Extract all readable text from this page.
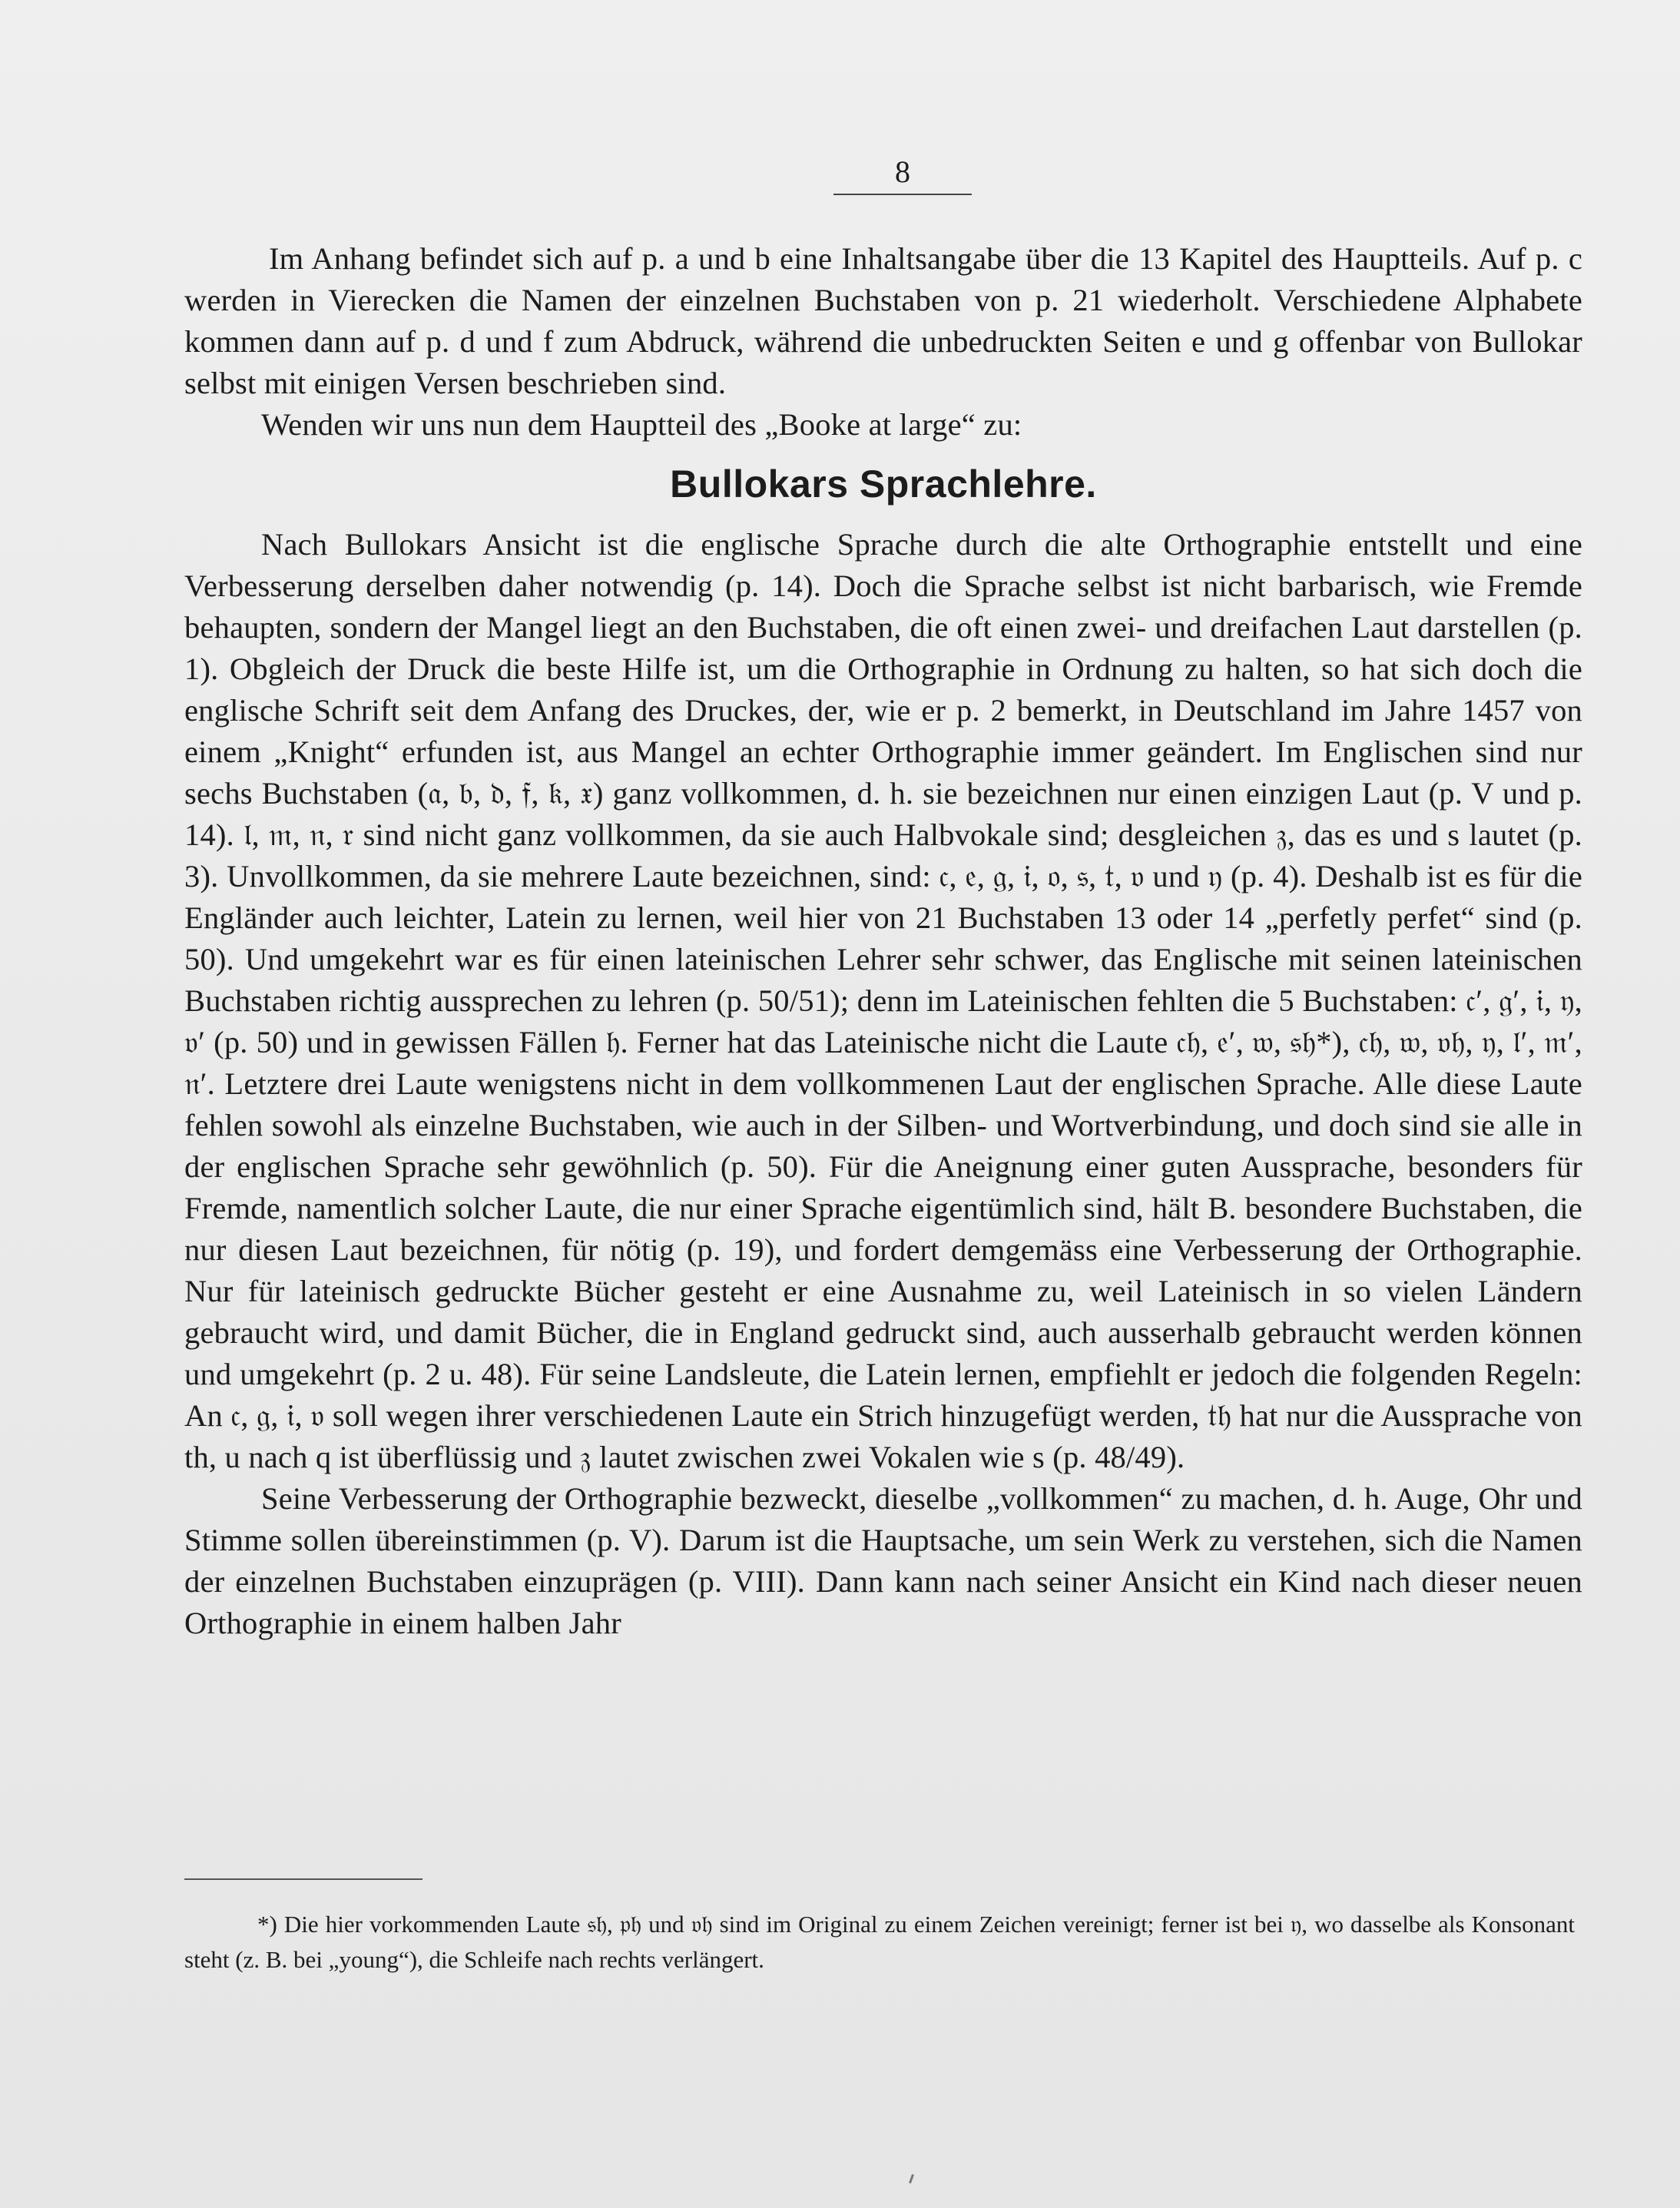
8

Im Anhang befindet sich auf p. a und b eine Inhaltsangabe über die 13 Kapitel des Hauptteils. Auf p. c werden in Vierecken die Namen der einzelnen Buchstaben von p. 21 wiederholt. Verschiedene Alphabete kommen dann auf p. d und f zum Abdruck, während die unbedruckten Seiten e und g offenbar von Bullokar selbst mit einigen Versen beschrieben sind.

Wenden wir uns nun dem Hauptteil des „Booke at large“ zu:

Bullokars Sprachlehre.

Nach Bullokars Ansicht ist die englische Sprache durch die alte Orthographie entstellt und eine Verbesserung derselben daher notwendig (p. 14). Doch die Sprache selbst ist nicht barbarisch, wie Fremde behaupten, sondern der Mangel liegt an den Buchstaben, die oft einen zwei- und dreifachen Laut darstellen (p. 1). Obgleich der Druck die beste Hilfe ist, um die Orthographie in Ordnung zu halten, so hat sich doch die englische Schrift seit dem Anfang des Druckes, der, wie er p. 2 bemerkt, in Deutschland im Jahre 1457 von einem „Knight“ erfunden ist, aus Mangel an echter Orthographie immer geändert. Im Englischen sind nur sechs Buchstaben (𝔞, 𝔟, 𝔡, 𝔣, 𝔨, 𝔵) ganz vollkommen, d. h. sie bezeichnen nur einen einzigen Laut (p. V und p. 14). 𝔩, 𝔪, 𝔫, 𝔯 sind nicht ganz vollkommen, da sie auch Halbvokale sind; desgleichen 𝔷, das es und s lautet (p. 3). Unvollkommen, da sie mehrere Laute bezeichnen, sind: 𝔠, 𝔢, 𝔤, 𝔦, 𝔬, 𝔰, 𝔱, 𝔳 und 𝔶 (p. 4). Deshalb ist es für die Engländer auch leichter, Latein zu lernen, weil hier von 21 Buchstaben 13 oder 14 „perfetly perfet“ sind (p. 50). Und umgekehrt war es für einen lateinischen Lehrer sehr schwer, das Englische mit seinen lateinischen Buchstaben richtig aussprechen zu lehren (p. 50/51); denn im Lateinischen fehlten die 5 Buchstaben: 𝔠′, 𝔤′, 𝔦, 𝔶, 𝔳′ (p. 50) und in gewissen Fällen 𝔥. Ferner hat das Lateinische nicht die Laute 𝔠𝔥, 𝔢′, 𝔴, 𝔰𝔥*), 𝔠𝔥, 𝔴, 𝔳𝔥, 𝔶, 𝔩′, 𝔪′, 𝔫′. Letztere drei Laute wenigstens nicht in dem vollkommenen Laut der englischen Sprache. Alle diese Laute fehlen sowohl als einzelne Buchstaben, wie auch in der Silben- und Wortverbindung, und doch sind sie alle in der englischen Sprache sehr gewöhnlich (p. 50). Für die Aneignung einer guten Aussprache, besonders für Fremde, namentlich solcher Laute, die nur einer Sprache eigentümlich sind, hält B. besondere Buchstaben, die nur diesen Laut bezeichnen, für nötig (p. 19), und fordert demgemäss eine Verbesserung der Orthographie. Nur für lateinisch gedruckte Bücher gesteht er eine Ausnahme zu, weil Lateinisch in so vielen Ländern gebraucht wird, und damit Bücher, die in England gedruckt sind, auch ausserhalb gebraucht werden können und umgekehrt (p. 2 u. 48). Für seine Landsleute, die Latein lernen, empfiehlt er jedoch die folgenden Regeln: An 𝔠, 𝔤, 𝔦, 𝔳 soll wegen ihrer verschiedenen Laute ein Strich hinzugefügt werden, 𝔱𝔥 hat nur die Aussprache von th, u nach q ist überflüssig und 𝔷 lautet zwischen zwei Vokalen wie s (p. 48/49).

Seine Verbesserung der Orthographie bezweckt, dieselbe „vollkommen“ zu machen, d. h. Auge, Ohr und Stimme sollen übereinstimmen (p. V). Darum ist die Hauptsache, um sein Werk zu verstehen, sich die Namen der einzelnen Buchstaben einzuprägen (p. VIII). Dann kann nach seiner Ansicht ein Kind nach dieser neuen Orthographie in einem halben Jahr

*) Die hier vorkommenden Laute 𝔰𝔥, 𝔭𝔥 und 𝔳𝔥 sind im Original zu einem Zeichen vereinigt; ferner ist bei 𝔶, wo dasselbe als Konsonant steht (z. B. bei „young“), die Schleife nach rechts verlängert.
